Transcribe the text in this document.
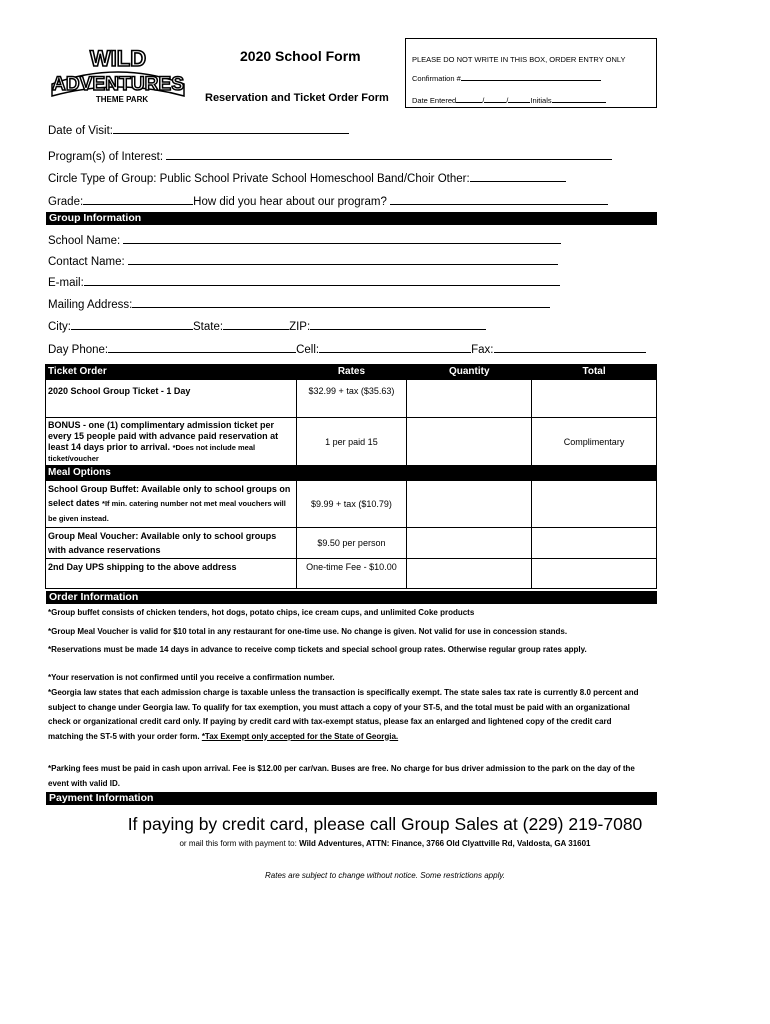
WILD
ADVENTURES
THEME PARK
2020 School Form
Reservation and Ticket Order Form
PLEASE DO NOT WRITE IN THIS BOX, ORDER ENTRY ONLY
Confirmation #
Date Entered	/	/	Initials
Date of Visit:
Program(s) of Interest:
Circle Type of Group: Public School Private School Homeschool Band/Choir Other:
Grade:	How did you hear about our program?
Group Information
School Name:
Contact Name:
E-mail:
Mailing Address:
City:	State:	ZIP:
Day Phone:	Cell:	Fax:
Ticket Order	Rates	Quantity	Total
2020 School Group Ticket - 1 Day	$32.99 + tax ($35.63)		
BONUS - one (1) complimentary admission ticket per every 15 people paid with advance paid reservation at least 14 days prior to arrival. *Does not include meal ticket/voucher	1 per paid 15		Complimentary
Meal Options			
School Group Buffet: Available only to school groups on select dates *If min. catering number not met meal vouchers will be given instead.	$9.99 + tax ($10.79)		
Group Meal Voucher: Available only to school groups with advance reservations	$9.50 per person		
2nd Day UPS shipping to the above address	One-time Fee - $10.00		
Order Information
*Group buffet consists of chicken tenders, hot dogs, potato chips, ice cream cups, and unlimited Coke products
*Group Meal Voucher is valid for $10 total in any restaurant for one-time use. No change is given. Not valid for use in concession stands.
*Reservations must be made 14 days in advance to receive comp tickets and special school group rates. Otherwise regular group rates apply.
*Your reservation is not confirmed until you receive a confirmation number.
*Georgia law states that each admission charge is taxable unless the transaction is specifically exempt. The state sales tax rate is currently 8.0 percent and subject to change under Georgia law. To qualify for tax exemption, you must attach a copy of your ST-5, and the total must be paid with an organizational check or organizational credit card only. If paying by credit card with tax-exempt status, please fax an enlarged and lightened copy of the credit card matching the ST-5 with your order form. *Tax Exempt only accepted for the State of Georgia.
*Parking fees must be paid in cash upon arrival. Fee is $12.00 per car/van. Buses are free. No charge for bus driver admission to the park on the day of the event with valid ID.
Payment Information
If paying by credit card, please call Group Sales at (229) 219-7080
or mail this form with payment to: Wild Adventures, ATTN: Finance, 3766 Old Clyattville Rd, Valdosta, GA 31601
Rates are subject to change without notice. Some restrictions apply.
